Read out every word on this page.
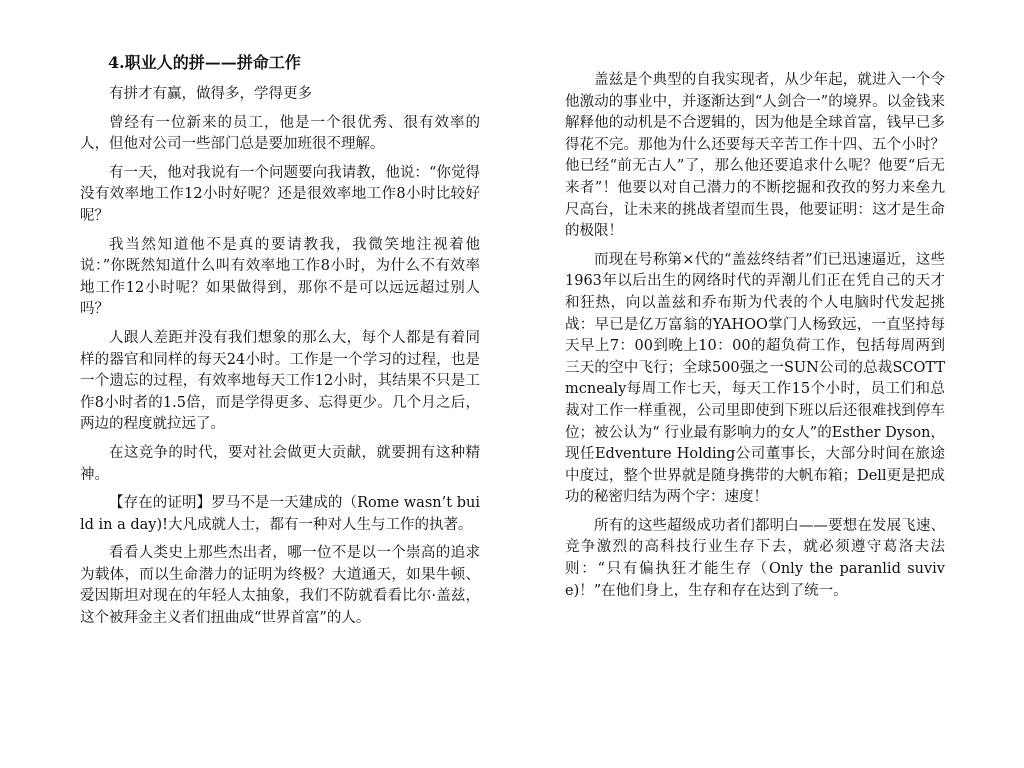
4.职业人的拼——拼命工作

有拼才有赢，做得多，学得更多

曾经有一位新来的员工，他是一个很优秀、很有效率的人，但他对公司一些部门总是要加班很不理解。

有一天，他对我说有一个问题要向我请教，他说：“你觉得没有效率地工作12小时好呢？还是很效率地工作8小时比较好呢？

我当然知道他不是真的要请教我，我微笑地注视着他说：”你既然知道什么叫有效率地工作8小时，为什么不有效率地工作12小时呢？如果做得到，那你不是可以远远超过别人吗？

人跟人差距并没有我们想象的那么大，每个人都是有着同样的器官和同样的每天24小时。工作是一个学习的过程，也是一个遗忘的过程，有效率地每天工作12小时，其结果不只是工作8小时者的1.5倍，而是学得更多、忘得更少。几个月之后，两边的程度就拉远了。

在这竞争的时代，要对社会做更大贡献，就要拥有这种精神。

【存在的证明】罗马不是一天建成的（Rome wasn’t build in a day)!大凡成就人士，都有一种对人生与工作的执著。

看看人类史上那些杰出者，哪一位不是以一个崇高的追求为载体，而以生命潜力的证明为终极？大道通天，如果牛顿、爱因斯坦对现在的年轻人太抽象，我们不防就看看比尔·盖兹，这个被拜金主义者们扭曲成“世界首富”的人。

盖兹是个典型的自我实现者，从少年起，就进入一个令他激动的事业中，并逐渐达到“人剑合一”的境界。以金钱来解释他的动机是不合逻辑的，因为他是全球首富，钱早已多得花不完。那他为什么还要每天辛苦工作十四、五个小时？他已经“前无古人”了，那么他还要追求什么呢？他要“后无来者”！他要以对自己潜力的不断挖掘和孜孜的努力来垒九尺高台，让未来的挑战者望而生畏，他要证明：这才是生命的极限！

而现在号称第×代的“盖兹终结者”们已迅速逼近，这些1963年以后出生的网络时代的弄潮儿们正在凭自己的天才和狂热，向以盖兹和乔布斯为代表的个人电脑时代发起挑战：早已是亿万富翁的YAHOO掌门人杨致远，一直坚持每天早上7：00到晚上10：00的超负荷工作，包括每周两到三天的空中飞行；全球500强之一SUN公司的总裁SCOTT mcnealy每周工作七天，每天工作15个小时，员工们和总裁对工作一样重视，公司里即使到下班以后还很难找到停车位；被公认为“ 行业最有影响力的女人”的Esther Dyson，现任Edventure Holding公司董事长，大部分时间在旅途中度过，整个世界就是随身携带的大帆布箱；Dell更是把成功的秘密归结为两个字：速度！

所有的这些超级成功者们都明白——要想在发展飞速、竞争激烈的高科技行业生存下去，就必须遵守葛洛夫法则：“只有偏执狂才能生存（Only the paranlid suvive)！”在他们身上，生存和存在达到了统一。
